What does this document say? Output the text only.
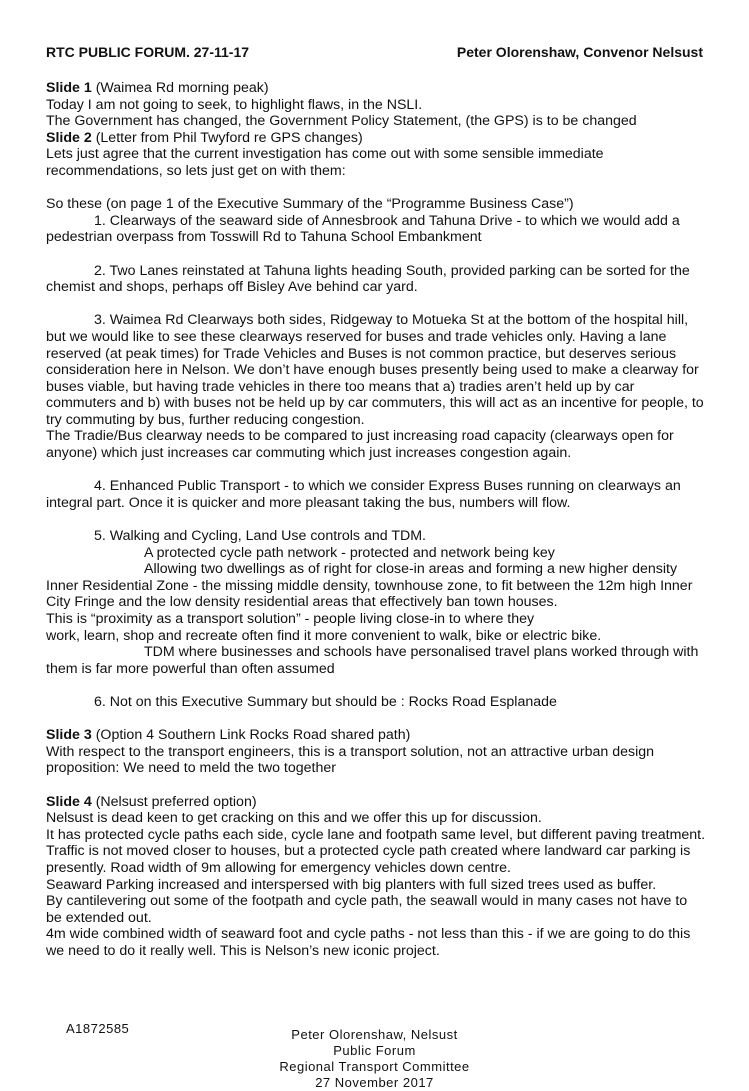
RTC PUBLIC FORUM. 27-11-17	Peter Olorenshaw, Convenor Nelsust

Slide 1 (Waimea Rd morning peak)

Today I am not going to seek, to highlight flaws, in the NSLI.

The Government has changed, the Government Policy Statement, (the GPS) is to be changed

Slide 2 (Letter from Phil Twyford re GPS changes)

Lets just agree that the current investigation has come out with some sensible immediate recommendations, so lets just get on with them:

So these (on page 1 of the Executive Summary of the “Programme Business Case”)

1. Clearways of the seaward side of Annesbrook and Tahuna Drive - to which we would add a pedestrian overpass from Tosswill Rd to Tahuna School Embankment

2. Two Lanes reinstated at Tahuna lights heading South, provided parking can be sorted for the chemist and shops, perhaps off Bisley Ave behind car yard.

3. Waimea Rd Clearways both sides, Ridgeway to Motueka St at the bottom of the hospital hill, but we would like to see these clearways reserved for buses and trade vehicles only. Having a lane reserved (at peak times) for Trade Vehicles and Buses is not common practice, but deserves serious consideration here in Nelson. We don’t have enough buses presently being used to make a clearway for buses viable, but having trade vehicles in there too means that a) tradies aren’t held up by car commuters and b) with buses not be held up by car commuters, this will act as an incentive for people, to try commuting by bus, further reducing congestion.

The Tradie/Bus clearway needs to be compared to just increasing road capacity (clearways open for anyone) which just increases car commuting which just increases congestion again.

4. Enhanced Public Transport - to which we consider Express Buses running on clearways an integral part. Once it is quicker and more pleasant taking the bus, numbers will flow.

5. Walking and Cycling, Land Use controls and TDM.

A protected cycle path network - protected and network being key

Allowing two dwellings as of right for close-in areas and forming a new higher density Inner Residential Zone - the missing middle density, townhouse zone, to fit between the 12m high Inner City Fringe and the low density residential areas that effectively ban town houses.

This is “proximity as a transport solution” - people living close-in to where they

work, learn, shop and recreate often find it more convenient to walk, bike or electric bike.

TDM where businesses and schools have personalised travel plans worked through with them is far more powerful than often assumed

6. Not on this Executive Summary but should be : Rocks Road Esplanade

Slide 3 (Option 4 Southern Link Rocks Road shared path)

With respect to the transport engineers, this is a transport solution, not an attractive urban design proposition: We need to meld the two together

Slide 4 (Nelsust preferred option)

Nelsust is dead keen to get cracking on this and we offer this up for discussion.

It has protected cycle paths each side, cycle lane and footpath same level, but different paving treatment.

Traffic is not moved closer to houses, but a protected cycle path created where landward car parking is presently. Road width of 9m allowing for emergency vehicles down centre.

Seaward Parking increased and interspersed with big planters with full sized trees used as buffer.

By cantilevering out some of the footpath and cycle path, the seawall would in many cases not have to be extended out.

4m wide combined width of seaward foot and cycle paths - not less than this - if we are going to do this we need to do it really well. This is Nelson’s new iconic project.

A1872585	Peter Olorenshaw, Nelsust
Public Forum
Regional Transport Committee
27 November 2017
